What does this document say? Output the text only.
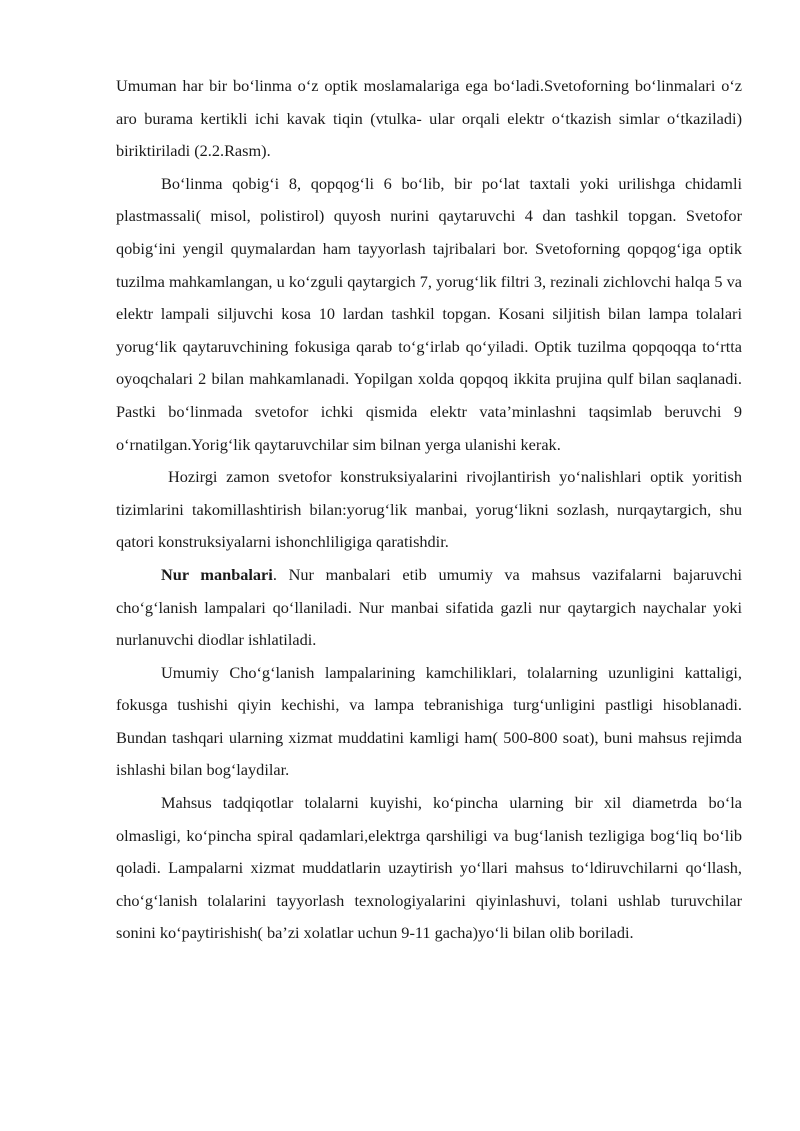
Umuman har bir bo‘linma o‘z optik moslamalariga ega bo‘ladi.Svetoforning bo‘linmalari o‘z aro burama kertikli ichi kavak tiqin (vtulka- ular orqali elektr o‘tkazish simlar o‘tkaziladi) biriktiriladi (2.2.Rasm).

Bo‘linma qobig‘i 8, qopqog‘li 6 bo‘lib, bir po‘lat taxtali yoki urilishga chidamli plastmassali( misol, polistirol) quyosh nurini qaytaruvchi 4 dan tashkil topgan. Svetofor qobig‘ini yengil quymalardan ham tayyorlash tajribalari bor. Svetoforning qopqog‘iga optik tuzilma mahkamlangan, u ko‘zguli qaytargich 7, yorug‘lik filtri 3, rezinali zichlovchi halqa 5 va elektr lampali siljuvchi kosa 10 lardan tashkil topgan. Kosani siljitish bilan lampa tolalari yorug‘lik qaytaruvchining fokusiga qarab to‘g‘irlab qo‘yiladi. Optik tuzilma qopqoqqa to‘rtta oyoqchalari 2 bilan mahkamlanadi. Yopilgan xolda qopqoq ikkita prujina qulf bilan saqlanadi. Pastki bo‘linmada svetofor ichki qismida elektr vata’minlashni taqsimlab beruvchi 9 o‘rnatilgan.Yorig‘lik qaytaruvchilar sim bilnan yerga ulanishi kerak.

Hozirgi zamon svetofor konstruksiyalarini rivojlantirish yo‘nalishlari optik yoritish tizimlarini takomillashtirish bilan:yorug‘lik manbai, yorug‘likni sozlash, nurqaytargich, shu qatori konstruksiyalarni ishonchliligiga qaratishdir.

Nur manbalari. Nur manbalari etib umumiy va mahsus vazifalarni bajaruvchi cho‘g‘lanish lampalari qo‘llaniladi. Nur manbai sifatida gazli nur qaytargich naychalar yoki nurlanuvchi diodlar ishlatiladi.

Umumiy Cho‘g‘lanish lampalarining kamchiliklari, tolalarning uzunligini kattaligi, fokusga tushishi qiyin kechishi, va lampa tebranishiga turg‘unligini pastligi hisoblanadi. Bundan tashqari ularning xizmat muddatini kamligi ham( 500-800 soat), buni mahsus rejimda ishlashi bilan bog‘laydilar.

Mahsus tadqiqotlar tolalarni kuyishi, ko‘pincha ularning bir xil diametrda bo‘la olmasligi, ko‘pincha spiral qadamlari,elektrga qarshiligi va bug‘lanish tezligiga bog‘liq bo‘lib qoladi. Lampalarni xizmat muddatlarin uzaytirish yo‘llari mahsus to‘ldiruvchilarni qo‘llash, cho‘g‘lanish tolalarini tayyorlash texnologiyalarini qiyinlashuvi, tolani ushlab turuvchilar sonini ko‘paytirishish( ba’zi xolatlar uchun 9-11 gacha)yo‘li bilan olib boriladi.
